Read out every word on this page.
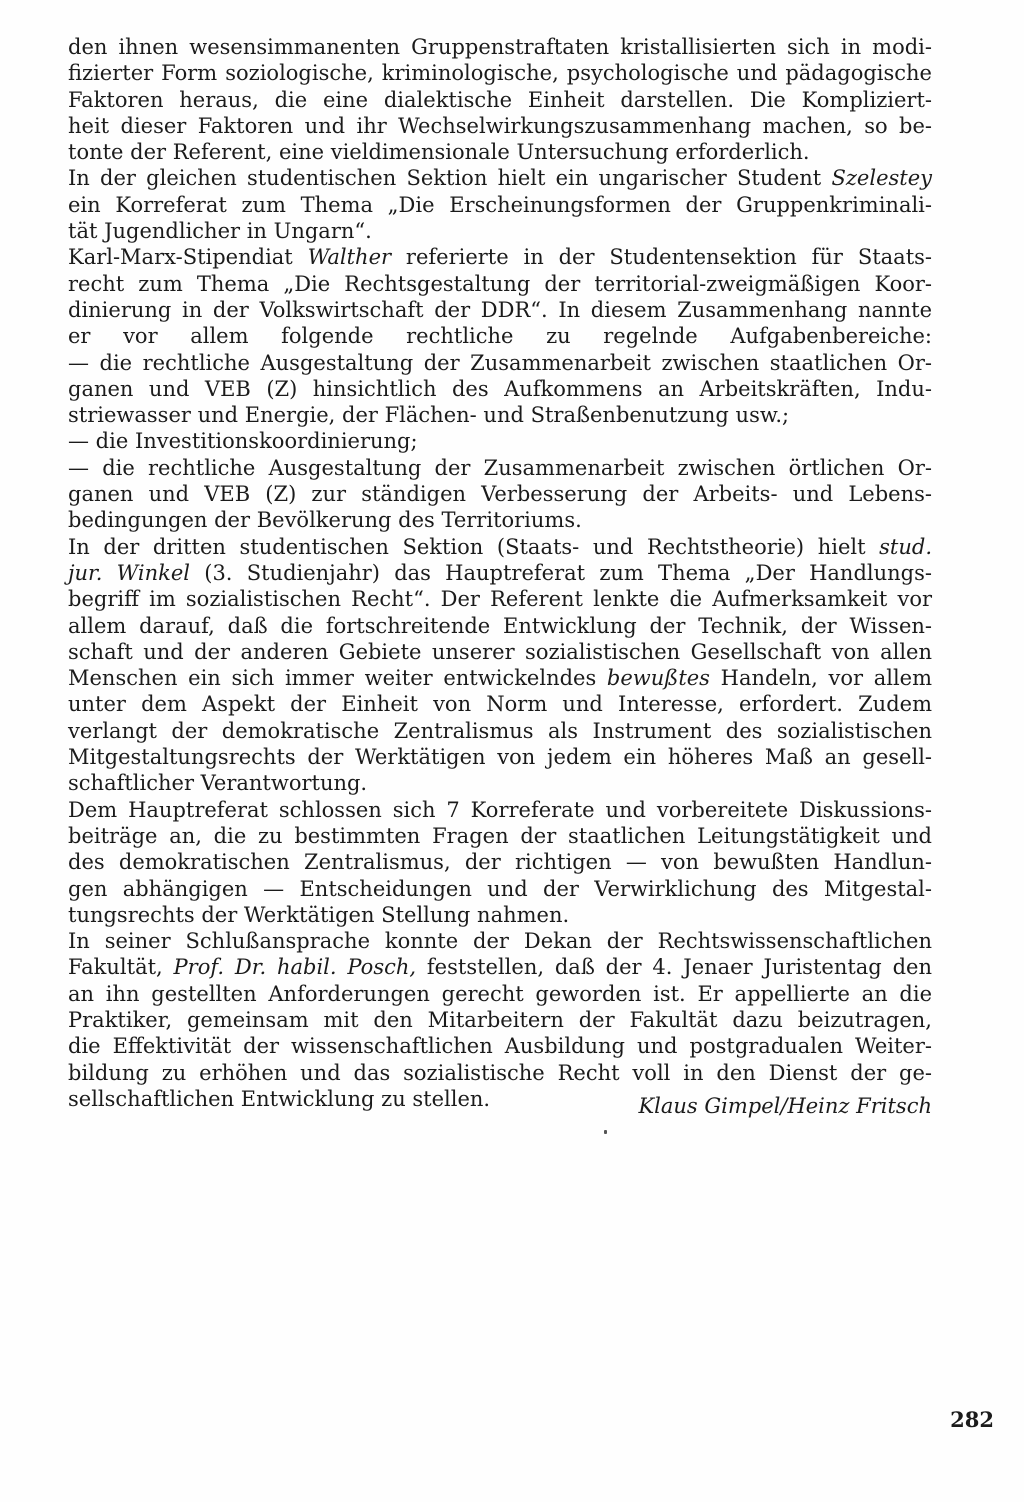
den ihnen wesensimmanenten Gruppenstraftaten kristallisierten sich in modi-
fizierter Form soziologische, kriminologische, psychologische und pädagogische
Faktoren heraus, die eine dialektische Einheit darstellen. Die Kompliziert-
heit dieser Faktoren und ihr Wechselwirkungszusammenhang machen, so be-
tonte der Referent, eine vieldimensionale Untersuchung erforderlich.
In der gleichen studentischen Sektion hielt ein ungarischer Student Szelestey
ein Korreferat zum Thema „Die Erscheinungsformen der Gruppenkriminali-
tät Jugendlicher in Ungarn“.
Karl-Marx-Stipendiat Walther referierte in der Studentensektion für Staats-
recht zum Thema „Die Rechtsgestaltung der territorial-zweigmäßigen Koor-
dinierung in der Volkswirtschaft der DDR“. In diesem Zusammenhang nannte
er vor allem folgende rechtliche zu regelnde Aufgabenbereiche:
— die rechtliche Ausgestaltung der Zusammenarbeit zwischen staatlichen Or-
ganen und VEB (Z) hinsichtlich des Aufkommens an Arbeitskräften, Indu-
striewasser und Energie, der Flächen- und Straßenbenutzung usw.;
— die Investitionskoordinierung;
— die rechtliche Ausgestaltung der Zusammenarbeit zwischen örtlichen Or-
ganen und VEB (Z) zur ständigen Verbesserung der Arbeits- und Lebens-
bedingungen der Bevölkerung des Territoriums.
In der dritten studentischen Sektion (Staats- und Rechtstheorie) hielt stud.
jur. Winkel (3. Studienjahr) das Hauptreferat zum Thema „Der Handlungs-
begriff im sozialistischen Recht“. Der Referent lenkte die Aufmerksamkeit vor
allem darauf, daß die fortschreitende Entwicklung der Technik, der Wissen-
schaft und der anderen Gebiete unserer sozialistischen Gesellschaft von allen
Menschen ein sich immer weiter entwickelndes bewußtes Handeln, vor allem
unter dem Aspekt der Einheit von Norm und Interesse, erfordert. Zudem
verlangt der demokratische Zentralismus als Instrument des sozialistischen
Mitgestaltungsrechts der Werktätigen von jedem ein höheres Maß an gesell-
schaftlicher Verantwortung.
Dem Hauptreferat schlossen sich 7 Korreferate und vorbereitete Diskussions-
beiträge an, die zu bestimmten Fragen der staatlichen Leitungstätigkeit und
des demokratischen Zentralismus, der richtigen — von bewußten Handlun-
gen abhängigen — Entscheidungen und der Verwirklichung des Mitgestal-
tungsrechts der Werktätigen Stellung nahmen.
In seiner Schlußansprache konnte der Dekan der Rechtswissenschaftlichen
Fakultät, Prof. Dr. habil. Posch, feststellen, daß der 4. Jenaer Juristentag den
an ihn gestellten Anforderungen gerecht geworden ist. Er appellierte an die
Praktiker, gemeinsam mit den Mitarbeitern der Fakultät dazu beizutragen,
die Effektivität der wissenschaftlichen Ausbildung und postgradualen Weiter-
bildung zu erhöhen und das sozialistische Recht voll in den Dienst der ge-
sellschaftlichen Entwicklung zu stellen.	Klaus Gimpel/Heinz Fritsch
282
